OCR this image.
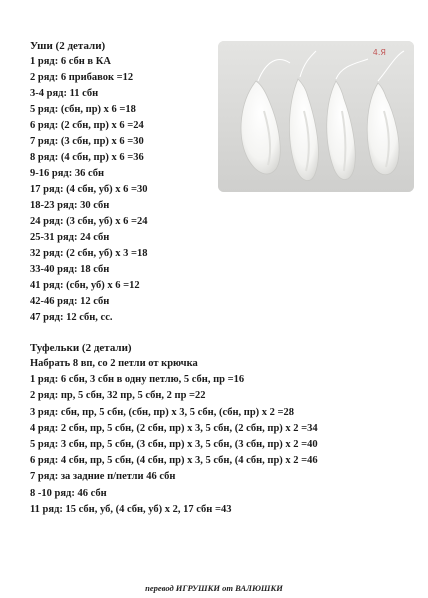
Уши (2 детали)
1 ряд: 6 сбн в КА
2 ряд: 6 прибавок =12
3-4 ряд: 11 сбн
5 ряд: (сбн, пр) х 6 =18
6 ряд: (2 сбн, пр) х 6 =24
7 ряд: (3 сбн, пр) х 6 =30
8 ряд: (4 сбн, пр) х 6 =36
9-16 ряд: 36 сбн
17 ряд: (4 сбн, уб) х 6 =30
18-23 ряд: 30 сбн
24 ряд: (3 сбн, уб) х 6 =24
25-31 ряд: 24 сбн
32 ряд: (2 сбн, уб) х 3 =18
33-40 ряд: 18 сбн
41 ряд: (сбн, уб) х 6 =12
42-46 ряд: 12 сбн
47 ряд: 12 сбн, сс.
4.Я
Туфельки (2 детали)
Набрать 8 вп, со 2 петли от крючка
1 ряд: 6 сбн, 3 сбн в одну петлю, 5 сбн, пр =16
2 ряд: пр, 5 сбн, 32 пр, 5 сбн, 2 пр =22
3 ряд: сбн, пр, 5 сбн, (сбн, пр) х 3, 5 сбн, (сбн, пр) х 2 =28
4 ряд: 2 сбн, пр, 5 сбн, (2 сбн, пр) х 3, 5 сбн, (2 сбн, пр) х 2 =34
5 ряд: 3 сбн, пр, 5 сбн, (3 сбн, пр) х 3, 5 сбн, (3 сбн, пр) х 2 =40
6 ряд: 4 сбн, пр, 5 сбн, (4 сбн, пр) х 3, 5 сбн, (4 сбн, пр) х 2 =46
7 ряд: за задние п/петли 46 сбн
8 -10 ряд: 46 сбн
11 ряд: 15 сбн, уб, (4 сбн, уб) х 2, 17 сбн =43
перевод ИГРУШКИ от ВАЛЮШКИ
